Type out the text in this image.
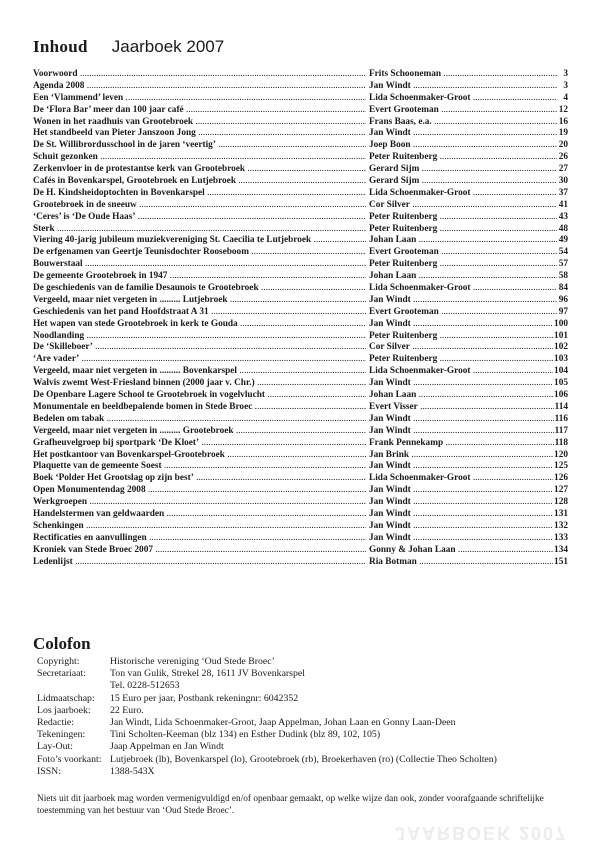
Inhoud Jaarboek 2007
Voorwoord .....	Frits Schooneman .....	3
Agenda 2008 .....	Jan Windt .....	3
Een ‘Vlammend’ leven .....	Lida Schoenmaker-Groot .....	4
De ‘Flora Bar’ meer dan 100 jaar café .....	Evert Grooteman .....	12
Wonen in het raadhuis van Grootebroek .....	Frans Baas, e.a. .....	16
Het standbeeld van Pieter Janszoon Jong .....	Jan Windt .....	19
De St. Willibrordusschool in de jaren ‘veertig’ .....	Joep Boon .....	20
Schuit gezonken .....	Peter Ruitenberg .....	26
Zerkenvloer in de protestantse kerk van Grootebroek .....	Gerard Sijm .....	27
Cafés in Bovenkarspel, Grootebroek en Lutjebroek .....	Gerard Sijm .....	30
De H. Kindsheidoptochten in Bovenkarspel .....	Lida Schoenmaker-Groot .....	37
Grootebroek in de sneeuw .....	Cor Silver .....	41
‘Ceres’ is ‘De Oude Haas’ .....	Peter Ruitenberg .....	43
Sterk .....	Peter Ruitenberg .....	48
Viering 40-jarig jubileum muziekvereniging St. Caecilia te Lutjebroek .....	Johan Laan .....	49
De erfgenamen van Geertje Teunisdochter Rooseboom .....	Evert Grooteman .....	54
Bouwerstaal .....	Peter Ruitenberg .....	57
De gemeente Grootebroek in 1947 .....	Johan Laan .....	58
De geschiedenis van de familie Desaunois te Grootebroek .....	Lida Schoenmaker-Groot .....	84
Vergeeld, maar niet vergeten in ......... Lutjebroek .....	Jan Windt .....	96
Geschiedenis van het pand Hoofdstraat A 31 .....	Evert Grooteman .....	97
Het wapen van stede Grootebroek in kerk te Gouda .....	Jan Windt .....	100
Noodlanding .....	Peter Ruitenberg .....	101
De ‘Skilleboer’ .....	Cor Silver .....	102
‘Are vader’ .....	Peter Ruitenberg .....	103
Vergeeld, maar niet vergeten in ......... Bovenkarspel .....	Lida Schoenmaker-Groot .....	104
Walvis zwemt West-Friesland binnen (2000 jaar v. Chr.) .....	Jan Windt .....	105
De Openbare Lagere School te Grootebroek in vogelvlucht .....	Johan Laan .....	106
Monumentale en beeldbepalende bomen in Stede Broec .....	Evert Visser .....	114
Bedelen om tabak .....	Jan Windt .....	116
Vergeeld, maar niet vergeten in ......... Grootebroek .....	Jan Windt .....	117
Grafheuvelgroep bij sportpark ‘De Kloet’ .....	Frank Pennekamp .....	118
Het postkantoor van Bovenkarspel-Grootebroek .....	Jan Brink .....	120
Plaquette van de gemeente Soest .....	Jan Windt .....	125
Boek ‘Polder Het Grootslag op zijn best’ .....	Lida Schoenmaker-Groot .....	126
Open Monumentendag 2008 .....	Jan Windt .....	127
Werkgroepen .....	Jan Windt .....	128
Handelstermen van geldwaarden .....	Jan Windt .....	131
Schenkingen .....	Jan Windt .....	132
Rectificaties en aanvullingen .....	Jan Windt .....	133
Kroniek van Stede Broec 2007 .....	Gonny & Johan Laan .....	134
Ledenlijst .....	Ria Botman .....	151
Colofon
Copyright:	Historische vereniging ‘Oud Stede Broec’
Secretariaat: Ton van Gulik, Strekel 28, 1611 JV Bovenkarspel
Tel. 0228-512653
Lidmaatschap: 15 Euro per jaar, Postbank rekeningnr: 6042352
Los jaarboek: 22 Euro.
Redactie:	Jan Windt, Lida Schoenmaker-Groot, Jaap Appelman, Johan Laan en Gonny Laan-Deen
Tekeningen:	Tini Scholten-Keeman (blz 134) en Esther Dudink (blz 89, 102, 105)
Lay-Out:	Jaap Appelman en Jan Windt
Foto’s voorkant: Lutjebroek (lb), Bovenkarspel (lo), Grootebroek (rb), Broekerhaven (ro) (Collectie Theo Scholten)
ISSN:	1388-543X
Niets uit dit jaarboek mag worden vermenigvuldigd en/of openbaar gemaakt, op welke wijze dan ook, zonder voorafgaande schriftelijke toestemming van het bestuur van ‘Oud Stede Broec’.
JAARBOEK 2007
